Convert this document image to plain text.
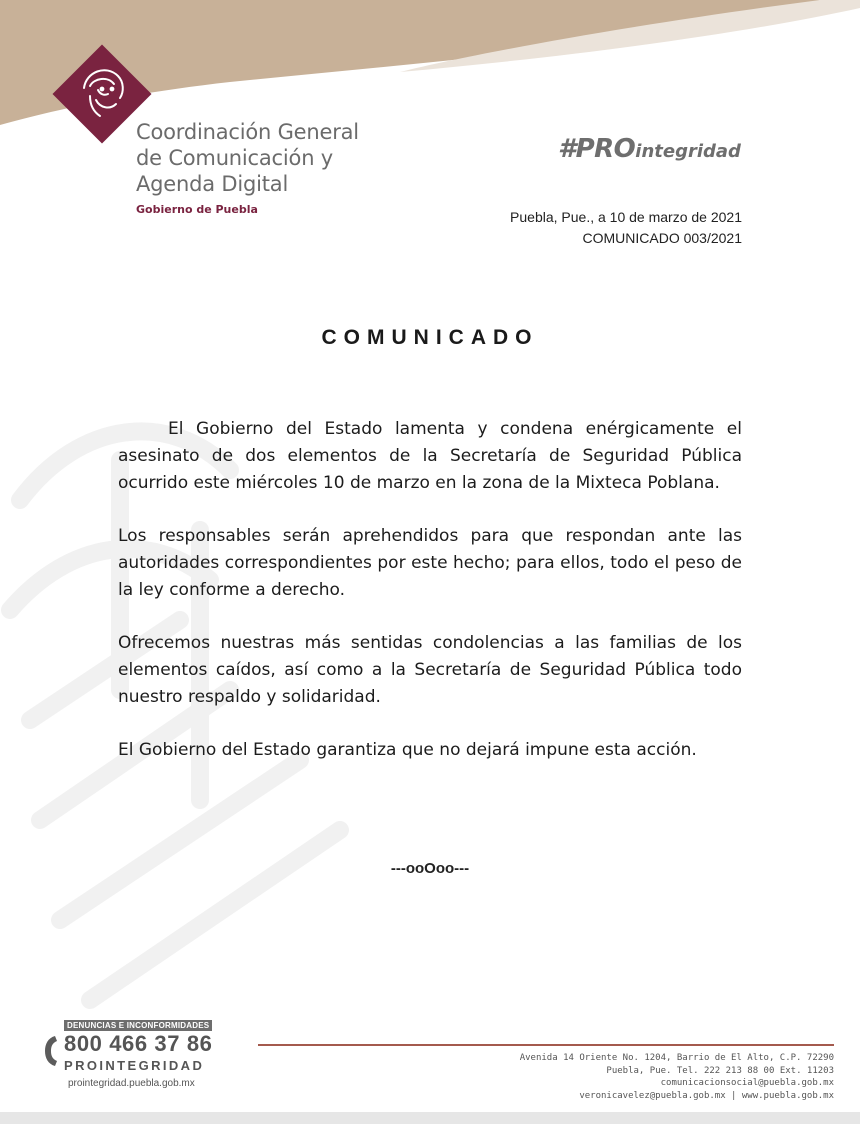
Coordinación General
de Comunicación y
Agenda Digital
Gobierno de Puebla
#PROintegridad
Puebla, Pue., a 10 de marzo de 2021
COMUNICADO 003/2021
COMUNICADO

El Gobierno del Estado lamenta y condena enérgicamente el asesinato de dos elementos de la Secretaría de Seguridad Pública ocurrido este miércoles 10 de marzo en la zona de la Mixteca Poblana.

Los responsables serán aprehendidos para que respondan ante las autoridades correspondientes por este hecho; para ellos, todo el peso de la ley conforme a derecho.

Ofrecemos nuestras más sentidas condolencias a las familias de los elementos caídos, así como a la Secretaría de Seguridad Pública todo nuestro respaldo y solidaridad.

El Gobierno del Estado garantiza que no dejará impune esta acción.

---ooOoo---
DENUNCIAS E INCONFORMIDADES
800 466 37 86
PROINTEGRIDAD
prointegridad.puebla.gob.mx
Avenida 14 Oriente No. 1204, Barrio de El Alto, C.P. 72290
Puebla, Pue. Tel. 222 213 88 00 Ext. 11203
comunicacionsocial@puebla.gob.mx
veronicavelez@puebla.gob.mx | www.puebla.gob.mx
